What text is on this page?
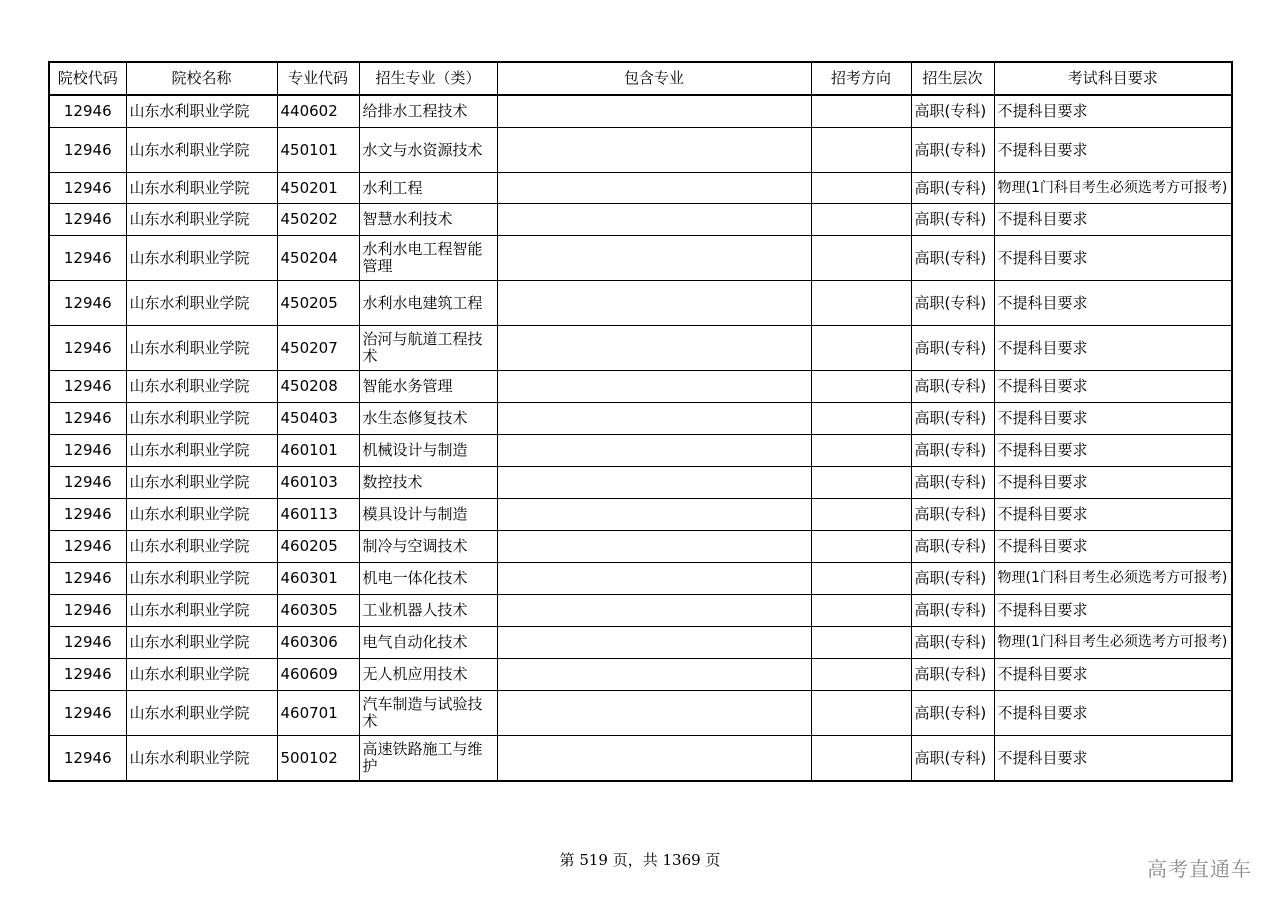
院校代码	院校名称	专业代码	招生专业（类）	包含专业	招考方向	招生层次	考试科目要求
12946	山东水利职业学院	440602	给排水工程技术			高职(专科)	不提科目要求
12946	山东水利职业学院	450101	水文与水资源技术			高职(专科)	不提科目要求
12946	山东水利职业学院	450201	水利工程			高职(专科)	物理(1门科目考生必须选考方可报考)
12946	山东水利职业学院	450202	智慧水利技术			高职(专科)	不提科目要求
12946	山东水利职业学院	450204	水利水电工程智能管理			高职(专科)	不提科目要求
12946	山东水利职业学院	450205	水利水电建筑工程			高职(专科)	不提科目要求
12946	山东水利职业学院	450207	治河与航道工程技术			高职(专科)	不提科目要求
12946	山东水利职业学院	450208	智能水务管理			高职(专科)	不提科目要求
12946	山东水利职业学院	450403	水生态修复技术			高职(专科)	不提科目要求
12946	山东水利职业学院	460101	机械设计与制造			高职(专科)	不提科目要求
12946	山东水利职业学院	460103	数控技术			高职(专科)	不提科目要求
12946	山东水利职业学院	460113	模具设计与制造			高职(专科)	不提科目要求
12946	山东水利职业学院	460205	制冷与空调技术			高职(专科)	不提科目要求
12946	山东水利职业学院	460301	机电一体化技术			高职(专科)	物理(1门科目考生必须选考方可报考)
12946	山东水利职业学院	460305	工业机器人技术			高职(专科)	不提科目要求
12946	山东水利职业学院	460306	电气自动化技术			高职(专科)	物理(1门科目考生必须选考方可报考)
12946	山东水利职业学院	460609	无人机应用技术			高职(专科)	不提科目要求
12946	山东水利职业学院	460701	汽车制造与试验技术			高职(专科)	不提科目要求
12946	山东水利职业学院	500102	高速铁路施工与维护			高职(专科)	不提科目要求
第 519 页，共 1369 页	高考直通车
